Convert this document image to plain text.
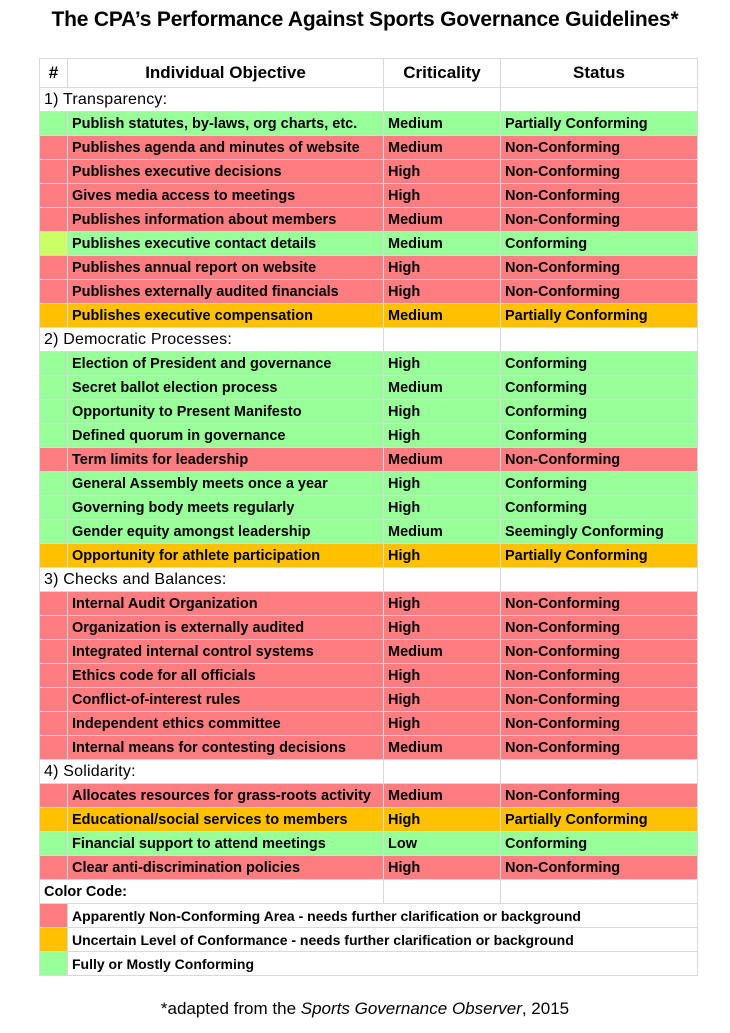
The CPA’s Performance Against Sports Governance Guidelines*
#	Individual Objective	Criticality	Status
1) Transparency:			
	Publish statutes, by-laws, org charts, etc.	Medium	Partially Conforming
	Publishes agenda and minutes of website	Medium	Non-Conforming
	Publishes executive decisions	High	Non-Conforming
	Gives media access to meetings	High	Non-Conforming
	Publishes information about members	Medium	Non-Conforming
	Publishes executive contact details	Medium	Conforming
	Publishes annual report on website	High	Non-Conforming
	Publishes externally audited financials	High	Non-Conforming
	Publishes executive compensation	Medium	Partially Conforming
2) Democratic Processes:			
	Election of President and governance	High	Conforming
	Secret ballot election process	Medium	Conforming
	Opportunity to Present Manifesto	High	Conforming
	Defined quorum in governance	High	Conforming
	Term limits for leadership	Medium	Non-Conforming
	General Assembly meets once a year	High	Conforming
	Governing body meets regularly	High	Conforming
	Gender equity amongst leadership	Medium	Seemingly Conforming
	Opportunity for athlete participation	High	Partially Conforming
3) Checks and Balances:			
	Internal Audit Organization	High	Non-Conforming
	Organization is externally audited	High	Non-Conforming
	Integrated internal control systems	Medium	Non-Conforming
	Ethics code for all officials	High	Non-Conforming
	Conflict-of-interest rules	High	Non-Conforming
	Independent ethics committee	High	Non-Conforming
	Internal means for contesting decisions	Medium	Non-Conforming
4) Solidarity:			
	Allocates resources for grass-roots activity	Medium	Non-Conforming
	Educational/social services to members	High	Partially Conforming
	Financial support to attend meetings	Low	Conforming
	Clear anti-discrimination policies	High	Non-Conforming
Color Code:			
	Apparently Non-Conforming Area - needs further clarification or background		
	Uncertain Level of Conformance - needs further clarification or background		
	Fully or Mostly Conforming		
*adapted from the Sports Governance Observer, 2015
